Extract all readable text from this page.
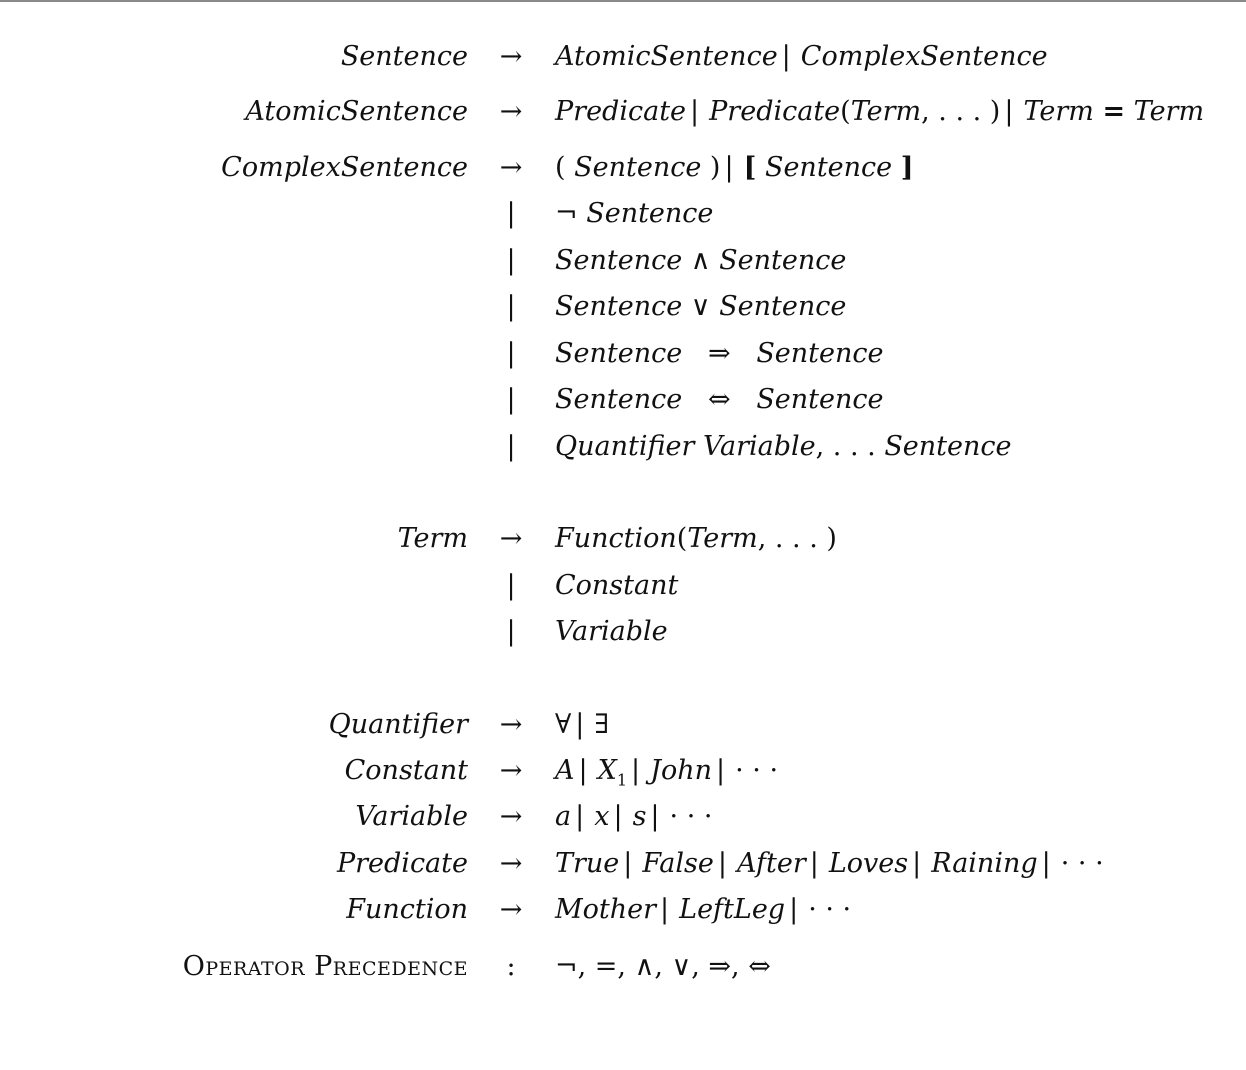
Sentence → AtomicSentence | ComplexSentence
AtomicSentence → Predicate | Predicate(Term, . . . ) | Term = Term
ComplexSentence → ( Sentence ) | [ Sentence ]
|	¬ Sentence
|	Sentence ∧ Sentence
|	Sentence ∨ Sentence
|	Sentence ⇒ Sentence
|	Sentence ⇔ Sentence
|	Quantifier Variable, . . . Sentence
Term → Function(Term, . . . )
|	Constant
|	Variable
Quantifier → ∀ | ∃
Constant → A | $X_1$ | John | · · ·
Variable → a | x | s | · · ·
Predicate → True | False | After | Loves | Raining | · · ·
Function → Mother | LeftLeg | · · ·
Operator Precedence	:	¬, =, ∧, ∨, ⇒, ⇔
